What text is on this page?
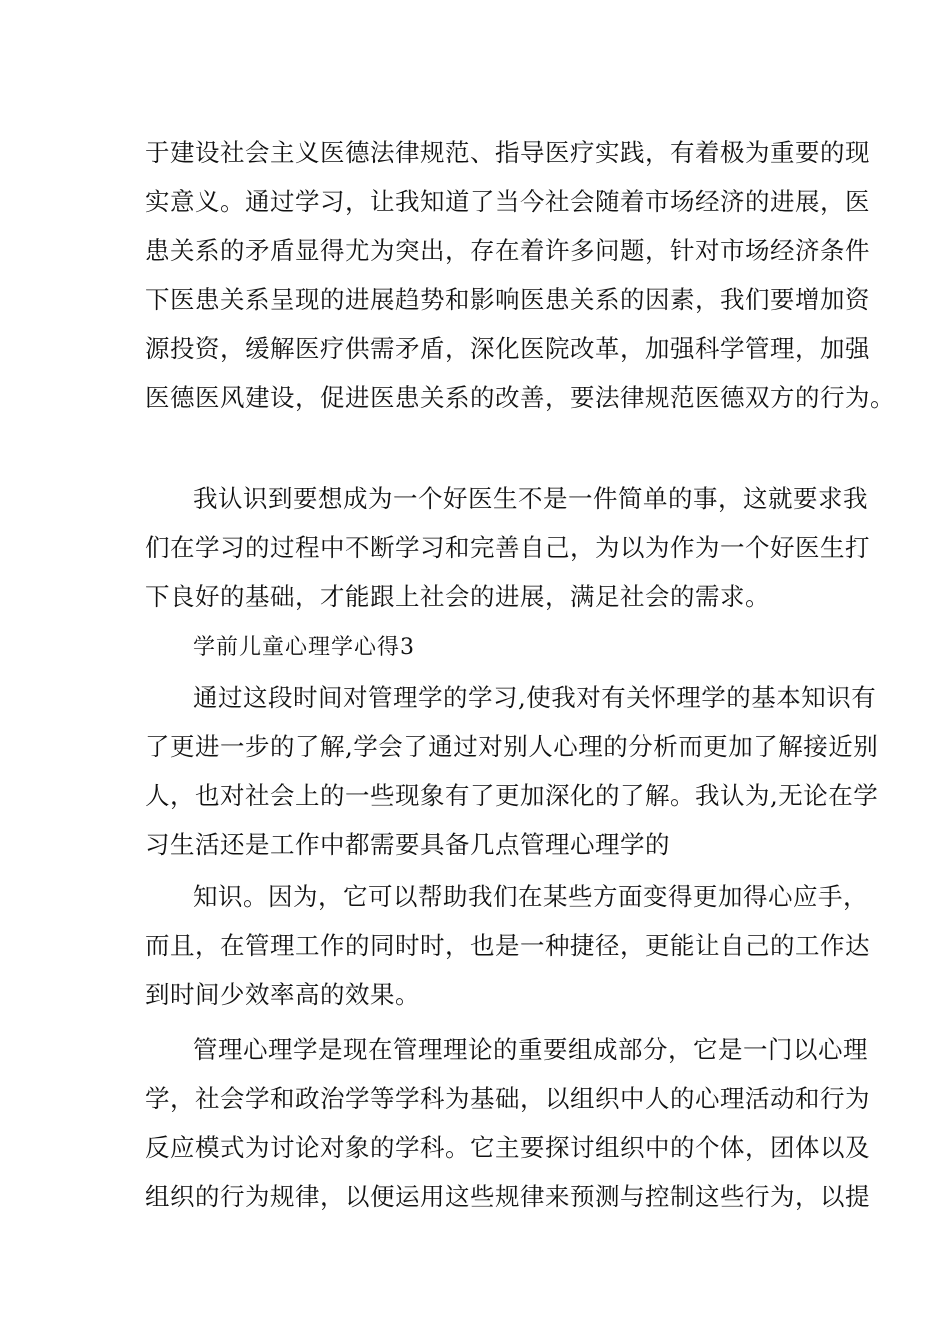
于建设社会主义医德法律规范、指导医疗实践，有着极为重要的现
实意义。通过学习，让我知道了当今社会随着市场经济的进展，医
患关系的矛盾显得尤为突出，存在着许多问题，针对市场经济条件
下医患关系呈现的进展趋势和影响医患关系的因素，我们要增加资
源投资，缓解医疗供需矛盾，深化医院改革，加强科学管理，加强
医德医风建设，促进医患关系的改善，要法律规范医德双方的行为。
我认识到要想成为一个好医生不是一件简单的事，这就要求我
们在学习的过程中不断学习和完善自己，为以为作为一个好医生打
下良好的基础，才能跟上社会的进展，满足社会的需求。
学前儿童心理学心得3
通过这段时间对管理学的学习,使我对有关怀理学的基本知识有
了更进一步的了解,学会了通过对别人心理的分析而更加了解接近别
人，也对社会上的一些现象有了更加深化的了解。我认为,无论在学
习生活还是工作中都需要具备几点管理心理学的
知识。因为，它可以帮助我们在某些方面变得更加得心应手，
而且，在管理工作的同时时，也是一种捷径，更能让自己的工作达
到时间少效率高的效果。
管理心理学是现在管理理论的重要组成部分，它是一门以心理
学，社会学和政治学等学科为基础，以组织中人的心理活动和行为
反应模式为讨论对象的学科。它主要探讨组织中的个体，团体以及
组织的行为规律，以便运用这些规律来预测与控制这些行为，以提
